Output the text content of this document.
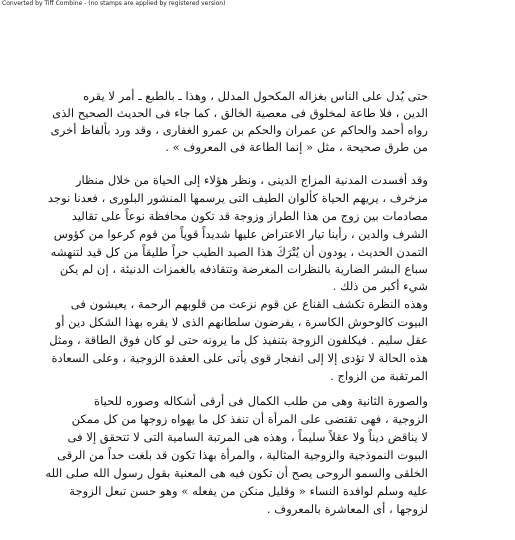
Converted by Tiff Combine - (no stamps are applied by registered version)
حتى يُدل على الناس بغزاله المكحول المدلل ، وهذا ـ بالطبع ـ أمر لا يقره
الدين ، فلا طاعة لمخلوق فى معصية الخالق ، كما جاء فى الحديث الصحيح الذى
رواه أحمد والحاكم عن عمران والحكم بن عمرو الغفارى ، وقد ورد بألفاظ أخرى
من طرق صحيحة ، مثل « إنما الطاعة فى المعروف » .
وقد أفسدت المدنية المزاج الدينى ، ونظر هؤلاء إلى الحياة من خلال منظار
مزخرف ، يريهم الحياة كألوان الطيف التى يرسمها المنشور البلورى ، فعدنا نوجد
مصادمات بين زوج من هذا الطراز وزوجة قد تكون محافظة نوعاً على تقاليد
الشرف والدين ، رأينا تيار الاعتراض عليها شديداً قوياً من قوم كرعوا من كؤوس
التمدن الحديث ، يودون أن يُتْرَكَ هذا الصيد الطيب حراً طليقاً من كل قيد لتنهشه
سباع البشر الضارية بالنظرات المغرضة وتتقاذفه بالغمزات الدنيئة ، إن لم يكن
شيء أكبر من ذلك .
وهذه النظرة تكشف القناع عن قوم نزعت من قلوبهم الرحمة ، يعيشون فى
البيوت كالوحوش الكاسرة ، يفرضون سلطانهم الذى لا يقره بهذا الشكل دين أو
عقل سليم . فيكلفون الزوجة بتنفيذ كل ما يرونه حتى لو كان فوق الطاقة ، ومثل
هذه الحالة لا تؤدى إلا إلى انفجار قوى يأتى على العقدة الزوجية ، وعلى السعادة
المرتقبة من الزواج .
والصورة الثانية وهى من طلب الكمال فى أرقى أشكاله وصوره للحياة
الزوجية ، فهى تقتضى على المرأة أن تنفذ كل ما يهواه زوجها من كل ممكن
لا يناقض ديناً ولا عقلاً سليماً ، وهذه هى المرتبة السامية التى لا تتحقق إلا فى
البيوت النموذجية والزوجية المثالية ، والمرأة بهذا تكون قد بلغت حداً من الرقى
الخلقى والسمو الروحى يصح أن تكون فيه هى المعنية بقول رسول الله صلى الله
عليه وسلم لوافدة النساء « وقليل منكن من يفعله » وهو حسن تبعل الزوجة
لزوجها ، أى المعاشرة بالمعروف .
